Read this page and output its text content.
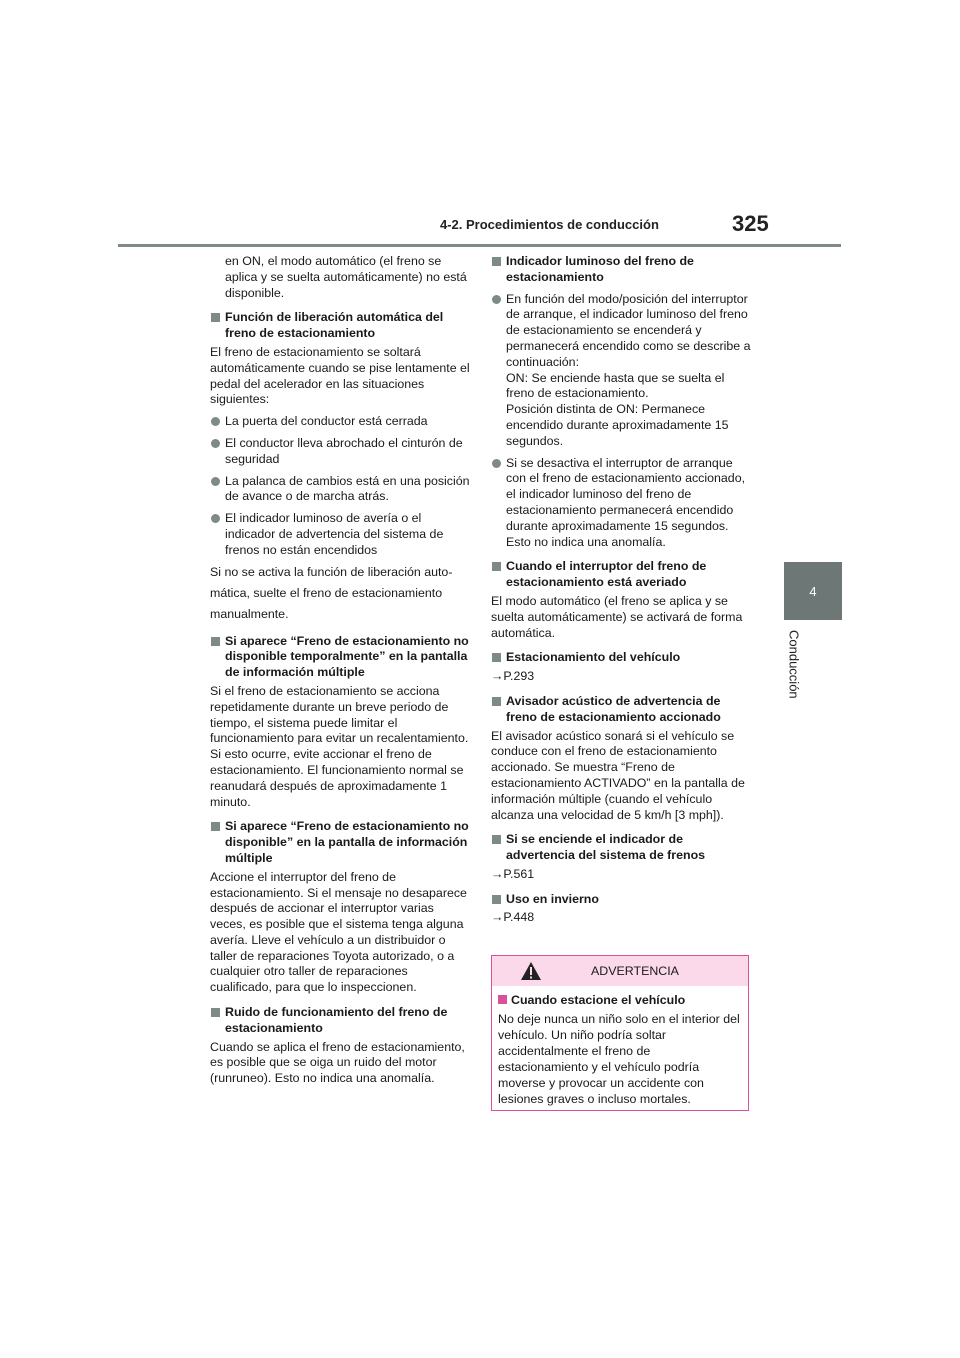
4-2. Procedimientos de conducción	325
4
Conducción

en ON, el modo automático (el freno se aplica y se suelta automáticamente) no está disponible.

Función de liberación automática del freno de estacionamiento

El freno de estacionamiento se soltará automáticamente cuando se pise lentamente el pedal del acelerador en las situaciones siguientes:

La puerta del conductor está cerrada
El conductor lleva abrochado el cinturón de seguridad
La palanca de cambios está en una posición de avance o de marcha atrás.
El indicador luminoso de avería o el indicador de advertencia del sistema de frenos no están encendidos

Si no se activa la función de liberación auto-

mática, suelte el freno de estacionamiento

manualmente.

Si aparece “Freno de estacionamiento no disponible temporalmente” en la pantalla de información múltiple

Si el freno de estacionamiento se acciona repetidamente durante un breve periodo de tiempo, el sistema puede limitar el funcionamiento para evitar un recalentamiento. Si esto ocurre, evite accionar el freno de estacionamiento. El funcionamiento normal se reanudará después de aproximadamente 1 minuto.

Si aparece “Freno de estacionamiento no disponible” en la pantalla de información múltiple

Accione el interruptor del freno de estacionamiento. Si el mensaje no desaparece después de accionar el interruptor varias veces, es posible que el sistema tenga alguna avería. Lleve el vehículo a un distribuidor o taller de reparaciones Toyota autorizado, o a cualquier otro taller de reparaciones cualificado, para que lo inspeccionen.

Ruido de funcionamiento del freno de estacionamiento

Cuando se aplica el freno de estacionamiento, es posible que se oiga un ruido del motor (runruneo). Esto no indica una anomalía.

Indicador luminoso del freno de estacionamiento
En función del modo/posición del interruptor de arranque, el indicador luminoso del freno de estacionamiento se encenderá y permanecerá encendido como se describe a continuación:
ON: Se enciende hasta que se suelta el freno de estacionamiento.
Posición distinta de ON: Permanece encendido durante aproximadamente 15 segundos.
Si se desactiva el interruptor de arranque con el freno de estacionamiento accionado, el indicador luminoso del freno de estacionamiento permanecerá encendido durante aproximadamente 15 segundos. Esto no indica una anomalía.
Cuando el interruptor del freno de estacionamiento está averiado

El modo automático (el freno se aplica y se suelta automáticamente) se activará de forma automática.

Estacionamiento del vehículo

→P.293

Avisador acústico de advertencia de freno de estacionamiento accionado

El avisador acústico sonará si el vehículo se conduce con el freno de estacionamiento accionado. Se muestra “Freno de estacionamiento ACTIVADO” en la pantalla de información múltiple (cuando el vehículo alcanza una velocidad de 5 km/h [3 mph]).

Si se enciende el indicador de advertencia del sistema de frenos

→P.561

Uso en invierno

→P.448

ADVERTENCIA
Cuando estacione el vehículo
No deje nunca un niño solo en el interior del vehículo. Un niño podría soltar accidentalmente el freno de estacionamiento y el vehículo podría moverse y provocar un accidente con lesiones graves o incluso mortales.
